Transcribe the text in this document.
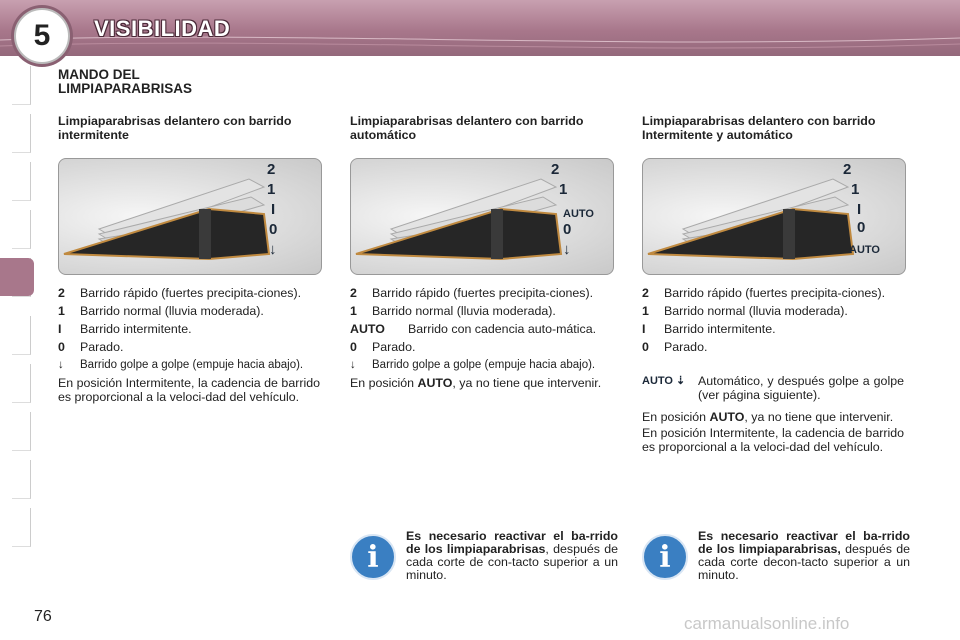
5	VISIBILIDAD
MANDO DEL
LIMPIAPARABRISAS
Limpiaparabrisas delantero con barrido intermitente
2
1
I
0
↓
2	Barrido rápido (fuertes precipita-ciones).
1	Barrido normal (lluvia moderada).
I	Barrido intermitente.
0	Parado.
↓	Barrido golpe a golpe (empuje hacia abajo).
En posición Intermitente, la cadencia de barrido es proporcional a la veloci-dad del vehículo.
Limpiaparabrisas delantero con barrido automático
2
1
AUTO
0
↓
2	Barrido rápido (fuertes precipita-ciones).
1	Barrido normal (lluvia moderada).
AUTO	Barrido con cadencia auto-mática.
0	Parado.
↓	Barrido golpe a golpe (empuje hacia abajo).
En posición AUTO, ya no tiene que intervenir.
Limpiaparabrisas delantero con barrido Intermitente y automático
2
1
I
0
AUTO
2	Barrido rápido (fuertes precipita-ciones).
1	Barrido normal (lluvia moderada).
I	Barrido intermitente.
0	Parado.
AUTO ⇣	Automático, y después golpe a golpe (ver página siguiente).
En posición AUTO, ya no tiene que intervenir.
En posición Intermitente, la cadencia de barrido es proporcional a la veloci-dad del vehículo.
i
Es necesario reactivar el ba-rrido de los limpiaparabrisas, después de cada corte de con-tacto superior a un minuto.
i
Es necesario reactivar el ba-rrido de los limpiaparabrisas, después de cada corte decon-tacto superior a un minuto.
76	carmanualsonline.info
